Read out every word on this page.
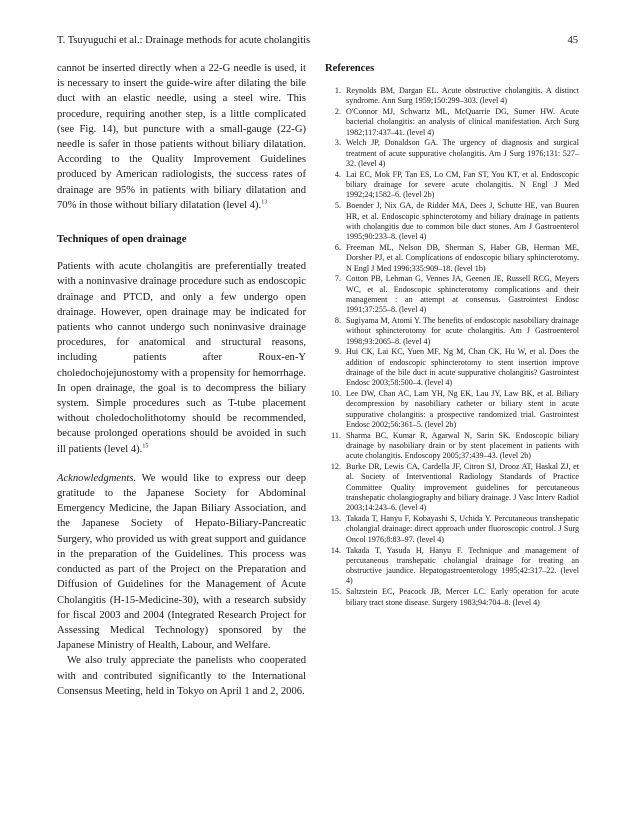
T. Tsuyuguchi et al.: Drainage methods for acute cholangitis	45

cannot be inserted directly when a 22-G needle is used, it is necessary to insert the guide-wire after dilating the bile duct with an elastic needle, using a steel wire. This procedure, requiring another step, is a little complicated (see Fig. 14), but puncture with a small-gauge (22-G) needle is safer in those patients without biliary dilatation. According to the Quality Improvement Guidelines produced by American radiologists, the success rates of drainage are 95% in patients with biliary dilatation and 70% in those without biliary dilatation (level 4).$^{13}$

Techniques of open drainage

Patients with acute cholangitis are preferentially treated with a noninvasive drainage procedure such as endoscopic drainage and PTCD, and only a few undergo open drainage. However, open drainage may be indicated for patients who cannot undergo such noninvasive drainage procedures, for anatomical and structural reasons, including patients after Roux-en-Y choledochojejunostomy with a propensity for hemorrhage. In open drainage, the goal is to decompress the biliary system. Simple procedures such as T-tube placement without choledocholithotomy should be recommended, because prolonged operations should be avoided in such ill patients (level 4).$^{15}$

Acknowledgments. We would like to express our deep gratitude to the Japanese Society for Abdominal Emergency Medicine, the Japan Biliary Association, and the Japanese Society of Hepato-Biliary-Pancreatic Surgery, who provided us with great support and guidance in the preparation of the Guidelines. This process was conducted as part of the Project on the Preparation and Diffusion of Guidelines for the Management of Acute Cholangitis (H-15-Medicine-30), with a research subsidy for fiscal 2003 and 2004 (Integrated Research Project for Assessing Medical Technology) sponsored by the Japanese Ministry of Health, Labour, and Welfare.

We also truly appreciate the panelists who cooperated with and contributed significantly to the International Consensus Meeting, held in Tokyo on April 1 and 2, 2006.

References
1. Reynolds BM, Dargan EL. Acute obstructive cholangitis. A distinct syndrome. Ann Surg 1959;150:299–303. (level 4)
2. O'Connor MJ, Schwartz ML, McQuarrie DG, Sumer HW. Acute bacterial cholangitis: an analysis of clinical manifestation. Arch Surg 1982;117:437–41. (level 4)
3. Welch JP, Donaldson GA. The urgency of diagnosis and surgical treatment of acute suppurative cholangitis. Am J Surg 1976;131: 527–32. (level 4)
4. Lai EC, Mok FP, Tan ES, Lo CM, Fan ST, You KT, et al. Endoscopic biliary drainage for severe acute cholangitis. N Engl J Med 1992;24;1582–6. (level 2b)
5. Boender J, Nix GA, de Ridder MA, Dees J, Schutte HE, van Buuren HR, et al. Endoscopic sphincterotomy and biliary drainage in patients with cholangitis due to common bile duct stones. Am J Gastroenterol 1995;90:233–8. (level 4)
6. Freeman ML, Nelson DB, Sherman S, Haber GB, Herman ME, Dorsher PJ, et al. Complications of endoscopic biliary sphincterotomy. N Engl J Med 1996;335:909–18. (level 1b)
7. Cotton PB, Lehman G, Vennes JA, Geenen JE, Russell RCG, Meyers WC, et al. Endoscopic sphincterotomy complications and their management : an attempt at consensus. Gastrointest Endosc 1991;37:255–8. (level 4)
8. Sugiyama M, Atomi Y. The benefits of endoscopic nasobiliary drainage without sphincterotomy for acute cholangitis. Am J Gastroenterol 1998;93:2065–8. (level 4)
9. Hui CK, Lai KC, Yuen MF, Ng M, Chan CK, Hu W, et al. Does the addition of endoscopic sphincterotomy to stent insertion improve drainage of the bile duct in acute suppurative cholangitis? Gastrointest Endosc 2003;58:500–4. (level 4)
10. Lee DW, Chan AC, Lam YH, Ng EK, Lau JY, Law BK, et al. Biliary decompression by nasobiliary catheter or biliary stent in acute suppurative cholangitis: a prospective randomized trial. Gastrointest Endosc 2002;56:361–5. (level 2b)
11. Sharma BC, Kumar R, Agarwal N, Sarin SK. Endoscopic biliary drainage by nasobiliary drain or by stent placement in patients with acute cholangitis. Endoscopy 2005;37:439–43. (level 2b)
12. Burke DR, Lewis CA, Cardella JF, Citron SJ, Drooz AT, Haskal ZJ, et al. Society of Interventional Radiology Standards of Practice Committee Quality improvement guidelines for percutaneous transhepatic cholangiography and biliary drainage. J Vasc Interv Radiol 2003;14:243–6. (level 4)
13. Takada T, Hanyu F, Kobayashi S, Uchida Y. Percutaneous transhepatic cholangial drainage: direct approach under fluoroscopic control. J Surg Oncol 1976;8:83–97. (level 4)
14. Takada T, Yasuda H, Hanyu F. Technique and management of percutaneous transhepatic cholangial drainage for treating an obstructive jaundice. Hepatogastroenterology 1995;42:317–22. (level 4)
15. Saltzstein EC, Peacock JB, Mercer LC. Early operation for acute biliary tract stone disease. Surgery 1983;94:704–8. (level 4)
